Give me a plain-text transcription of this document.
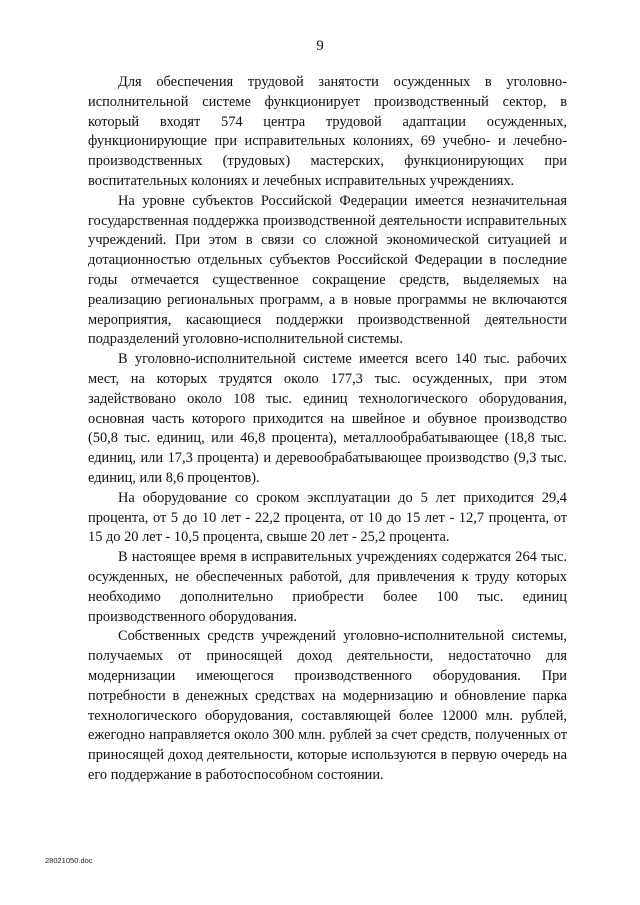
9

Для обеспечения трудовой занятости осужденных в уголовно-исполнительной системе функционирует производственный сектор, в который входят 574 центра трудовой адаптации осужденных, функционирующие при исправительных колониях, 69 учебно- и лечебно-производственных (трудовых) мастерских, функционирующих при воспитательных колониях и лечебных исправительных учреждениях.

На уровне субъектов Российской Федерации имеется незначительная государственная поддержка производственной деятельности исправительных учреждений. При этом в связи со сложной экономической ситуацией и дотационностью отдельных субъектов Российской Федерации в последние годы отмечается существенное сокращение средств, выделяемых на реализацию региональных программ, а в новые программы не включаются мероприятия, касающиеся поддержки производственной деятельности подразделений уголовно-исполнительной системы.

В уголовно-исполнительной системе имеется всего 140 тыс. рабочих мест, на которых трудятся около 177,3 тыс. осужденных, при этом задействовано около 108 тыс. единиц технологического оборудования, основная часть которого приходится на швейное и обувное производство (50,8 тыс. единиц, или 46,8 процента), металлообрабатывающее (18,8 тыс. единиц, или 17,3 процента) и деревообрабатывающее производство (9,3 тыс. единиц, или 8,6 процентов).

На оборудование со сроком эксплуатации до 5 лет приходится 29,4 процента, от 5 до 10 лет - 22,2 процента, от 10 до 15 лет - 12,7 процента, от 15 до 20 лет - 10,5 процента, свыше 20 лет - 25,2 процента.

В настоящее время в исправительных учреждениях содержатся 264 тыс. осужденных, не обеспеченных работой, для привлечения к труду которых необходимо дополнительно приобрести более 100 тыс. единиц производственного оборудования.

Собственных средств учреждений уголовно-исполнительной системы, получаемых от приносящей доход деятельности, недостаточно для модернизации имеющегося производственного оборудования. При потребности в денежных средствах на модернизацию и обновление парка технологического оборудования, составляющей более 12000 млн. рублей, ежегодно направляется около 300 млн. рублей за счет средств, полученных от приносящей доход деятельности, которые используются в первую очередь на его поддержание в работоспособном состоянии.

28021050.doc
